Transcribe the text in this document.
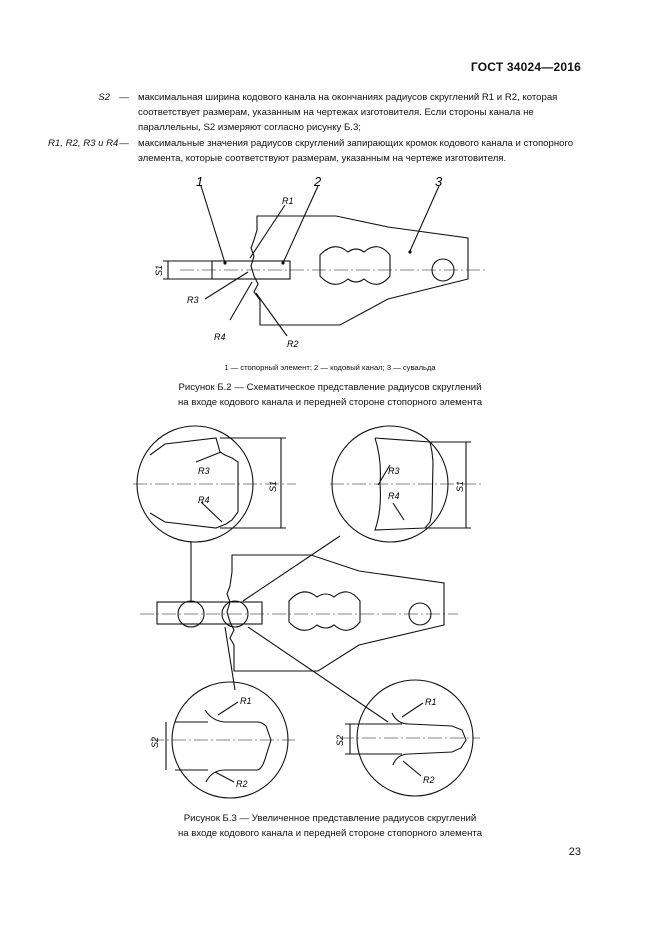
ГОСТ 34024—2016
S2 — максимальная ширина кодового канала на окончаниях радиусов скруглений R1 и R2, которая соответствует размерам, указанным на чертежах изготовителя. Если стороны канала не параллельны, S2 измеряют согласно рисунку Б.3;
R1, R2, R3 и R4 — максимальные значения радиусов скруглений запирающих кромок кодового канала и стопорного элемента, которые соответствуют размерам, указанным на чертеже изготовителя.
1	2	3
R1
R3
R4
R2
S1
1 — стопорный элемент; 2 — кодовый канал; 3 — сувальда
Рисунок Б.2 — Схематическое представление радиусов скруглений
на входе кодового канала и передней стороне стопорного элемента
R3
R4
S1
R3
R4
S1
R1
R2
S2
R1
R2
S2
Рисунок Б.3 — Увеличенное представление радиусов скруглений
на входе кодового канала и передней стороне стопорного элемента
23
